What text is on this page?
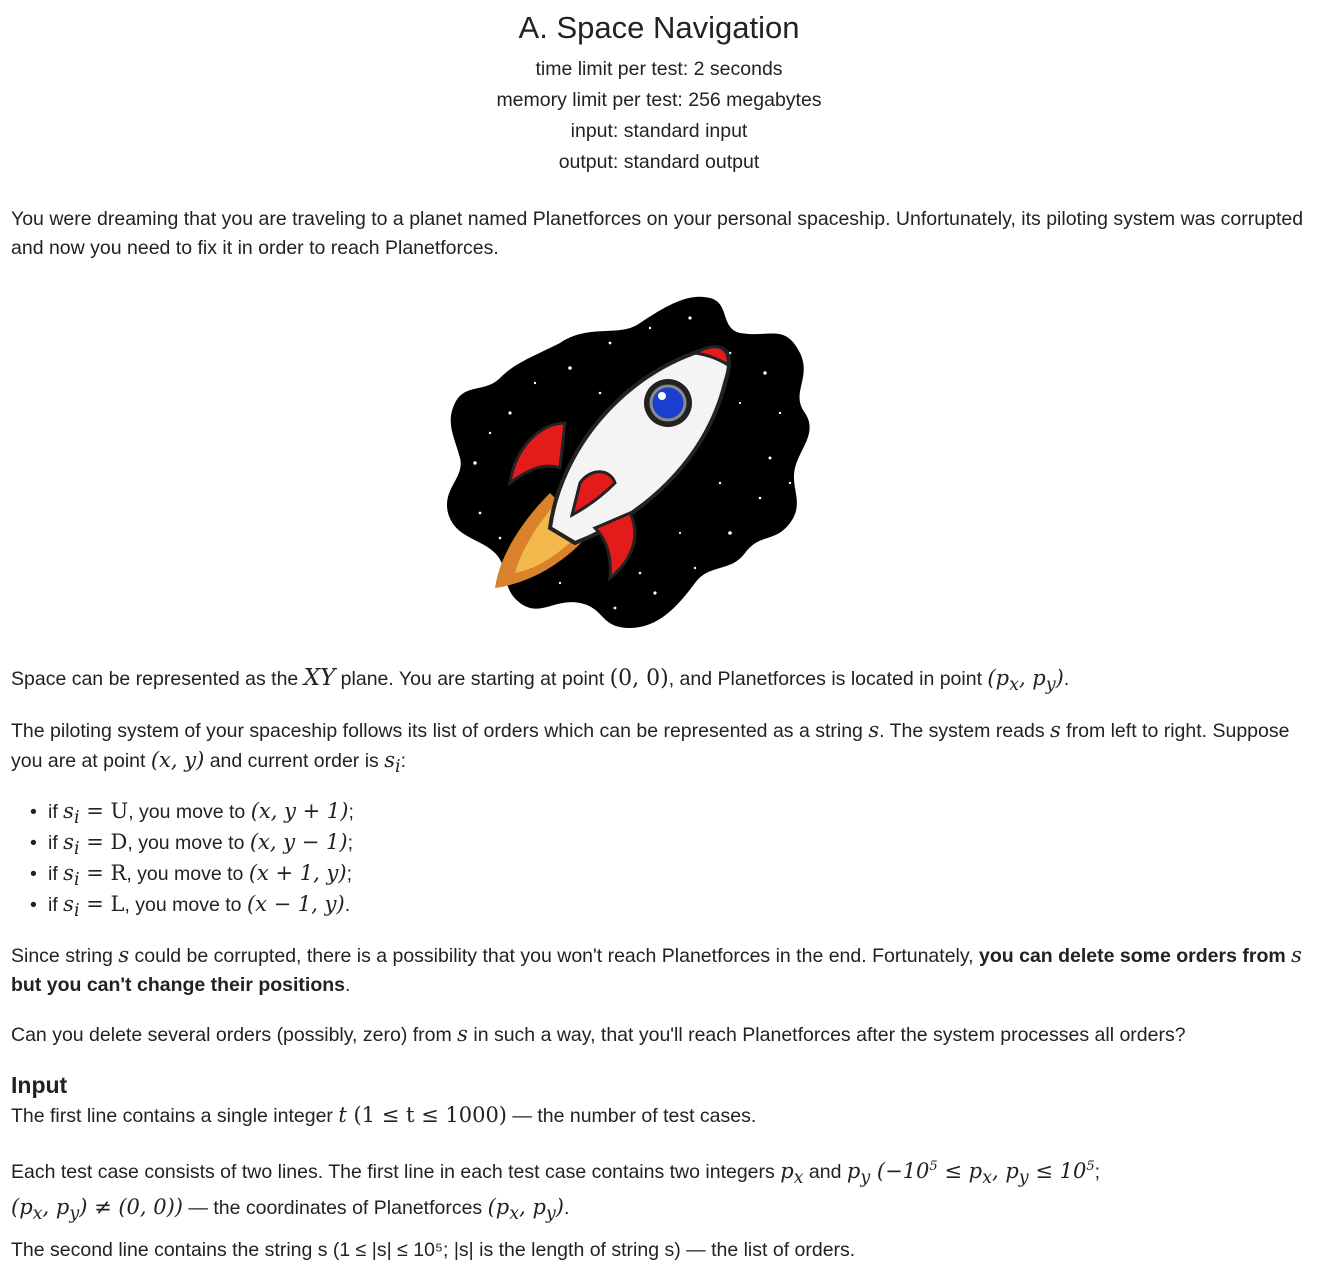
A. Space Navigation
time limit per test: 2 seconds
memory limit per test: 256 megabytes
input: standard input
output: standard output
You were dreaming that you are traveling to a planet named Planetforces on your personal spaceship. Unfortunately, its piloting system was corrupted and now you need to fix it in order to reach Planetforces.
Space can be represented as the XY plane. You are starting at point (0, 0), and Planetforces is located in point ($p_x$, $p_y$).
The piloting system of your spaceship follows its list of orders which can be represented as a string s. The system reads s from left to right. Suppose you are at point (x, y) and current order is $s_i$:
• if $s_i = U$, you move to (x, y + 1);
• if $s_i = D$, you move to (x, y − 1);
• if $s_i = R$, you move to (x + 1, y);
• if $s_i = L$, you move to (x − 1, y).
Since string s could be corrupted, there is a possibility that you won't reach Planetforces in the end. Fortunately, you can delete some orders from s but you can't change their positions.
Can you delete several orders (possibly, zero) from s in such a way, that you'll reach Planetforces after the system processes all orders?
Input
The first line contains a single integer t (1 ≤ t ≤ 1000) — the number of test cases.
Each test case consists of two lines. The first line in each test case contains two integers $p_x$ and $p_y$ ($-10^5 \le p_x$, $p_y \le 10^5$;
($p_x$, $p_y) \ne (0$, 0)) — the coordinates of Planetforces ($p_x$, $p_y$).
The second line contains the string s (1 ≤ |s| ≤ 10⁵; |s| is the length of string s) — the list of orders.
